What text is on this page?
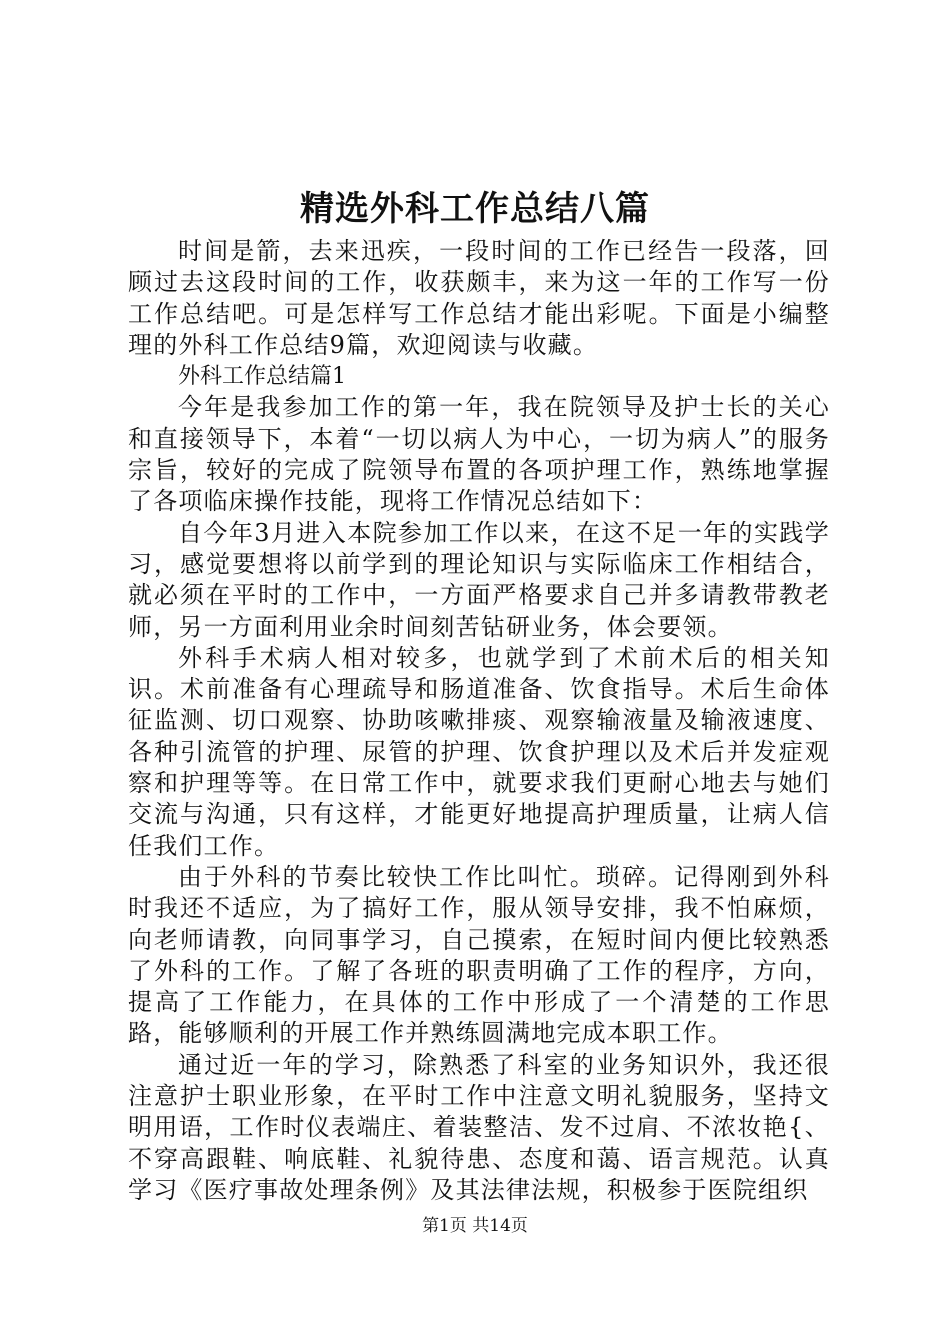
精选外科工作总结八篇

时间是箭，去来迅疾，一段时间的工作已经告一段落，回顾过去这段时间的工作，收获颇丰，来为这一年的工作写一份工作总结吧。可是怎样写工作总结才能出彩呢。下面是小编整理的外科工作总结9篇，欢迎阅读与收藏。

外科工作总结篇1

今年是我参加工作的第一年，我在院领导及护士长的关心和直接领导下，本着“一切以病人为中心，一切为病人”的服务宗旨，较好的完成了院领导布置的各项护理工作，熟练地掌握了各项临床操作技能，现将工作情况总结如下：

自今年3月进入本院参加工作以来，在这不足一年的实践学习，感觉要想将以前学到的理论知识与实际临床工作相结合，就必须在平时的工作中，一方面严格要求自己并多请教带教老师，另一方面利用业余时间刻苦钻研业务，体会要领。

外科手术病人相对较多，也就学到了术前术后的相关知识。术前准备有心理疏导和肠道准备、饮食指导。术后生命体征监测、切口观察、协助咳嗽排痰、观察输液量及输液速度、各种引流管的护理、尿管的护理、饮食护理以及术后并发症观察和护理等等。在日常工作中，就要求我们更耐心地去与她们交流与沟通，只有这样，才能更好地提高护理质量，让病人信任我们工作。

由于外科的节奏比较快工作比叫忙。琐碎。记得刚到外科时我还不适应，为了搞好工作，服从领导安排，我不怕麻烦，向老师请教，向同事学习，自己摸索，在短时间内便比较熟悉了外科的工作。了解了各班的职责明确了工作的程序，方向，提高了工作能力，在具体的工作中形成了一个清楚的工作思路，能够顺利的开展工作并熟练圆满地完成本职工作。

通过近一年的学习，除熟悉了科室的业务知识外，我还很注意护士职业形象，在平时工作中注意文明礼貌服务，坚持文明用语，工作时仪表端庄、着装整洁、发不过肩、不浓妆艳{、不穿高跟鞋、响底鞋、礼貌待患、态度和蔼、语言规范。认真学习《医疗事故处理条例》及其法律法规，积极参于医院组织

第1页 共14页
